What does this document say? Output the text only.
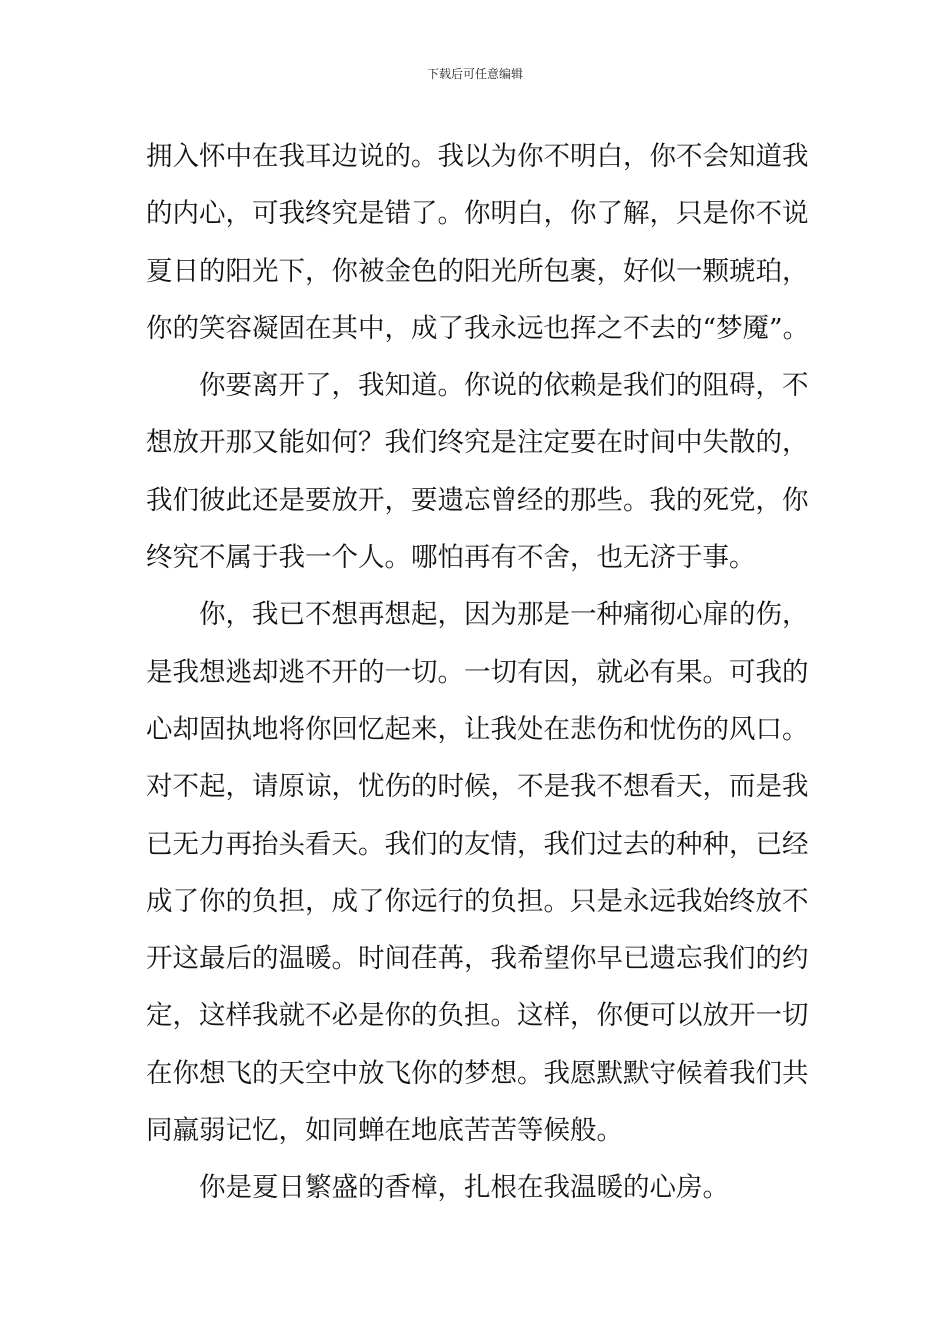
下载后可任意编辑
拥入怀中在我耳边说的。我以为你不明白，你不会知道我
的内心，可我终究是错了。你明白，你了解，只是你不说
夏日的阳光下，你被金色的阳光所包裹，好似一颗琥珀，
你的笑容凝固在其中，成了我永远也挥之不去的“梦魇”。
你要离开了，我知道。你说的依赖是我们的阻碍，不
想放开那又能如何？我们终究是注定要在时间中失散的，
我们彼此还是要放开，要遗忘曾经的那些。我的死党，你
终究不属于我一个人。哪怕再有不舍，也无济于事。
你，我已不想再想起，因为那是一种痛彻心扉的伤，
是我想逃却逃不开的一切。一切有因，就必有果。可我的
心却固执地将你回忆起来，让我处在悲伤和忧伤的风口。
对不起，请原谅，忧伤的时候，不是我不想看天，而是我
已无力再抬头看天。我们的友情，我们过去的种种，已经
成了你的负担，成了你远行的负担。只是永远我始终放不
开这最后的温暖。时间荏苒，我希望你早已遗忘我们的约
定，这样我就不必是你的负担。这样，你便可以放开一切
在你想飞的天空中放飞你的梦想。我愿默默守候着我们共
同羸弱记忆，如同蝉在地底苦苦等候般。
你是夏日繁盛的香樟，扎根在我温暖的心房。
